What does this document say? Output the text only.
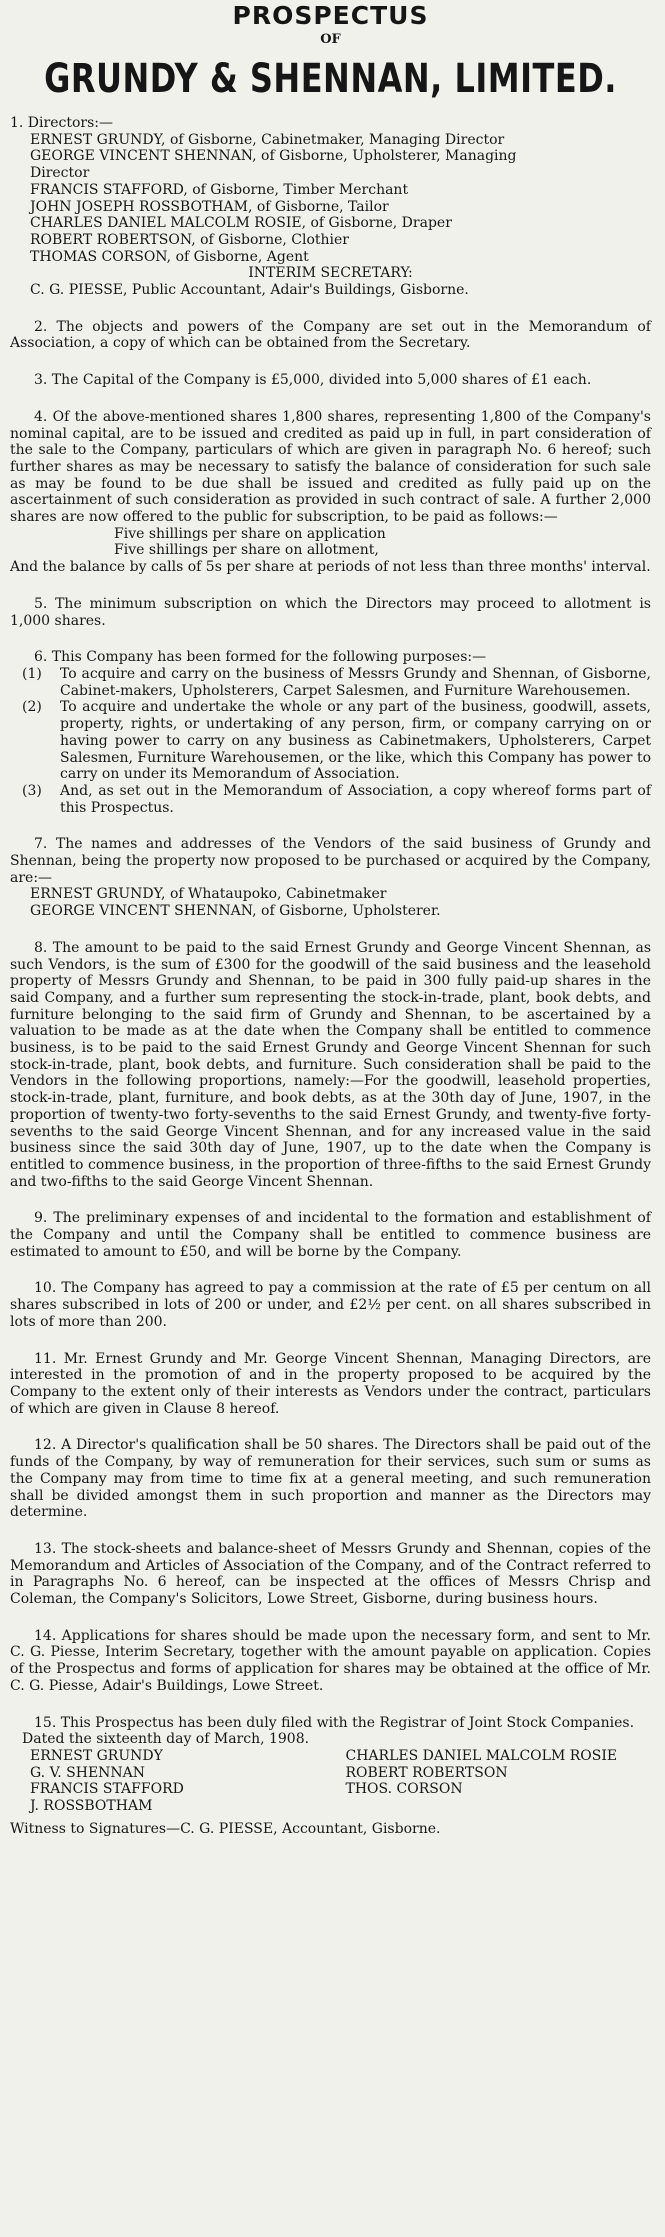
PROSPECTUS
OF
GRUNDY & SHENNAN, LIMITED.
1. Directors:—
ERNEST GRUNDY, of Gisborne, Cabinetmaker, Managing Director
GEORGE VINCENT SHENNAN, of Gisborne, Upholsterer, Managing
Director
FRANCIS STAFFORD, of Gisborne, Timber Merchant
JOHN JOSEPH ROSSBOTHAM, of Gisborne, Tailor
CHARLES DANIEL MALCOLM ROSIE, of Gisborne, Draper
ROBERT ROBERTSON, of Gisborne, Clothier
THOMAS CORSON, of Gisborne, Agent
INTERIM SECRETARY:
C. G. PIESSE, Public Accountant, Adair's Buildings, Gisborne.

2. The objects and powers of the Company are set out in the Memorandum of Association, a copy of which can be obtained from the Secretary.

3. The Capital of the Company is £5,000, divided into 5,000 shares of £1 each.

4. Of the above-mentioned shares 1,800 shares, representing 1,800 of the Company's nominal capital, are to be issued and credited as paid up in full, in part consideration of the sale to the Company, particulars of which are given in paragraph No. 6 hereof; such further shares as may be necessary to satisfy the balance of consideration for such sale as may be found to be due shall be issued and credited as fully paid up on the ascertainment of such consideration as provided in such contract of sale. A further 2,000 shares are now offered to the public for subscription, to be paid as follows:—

Five shillings per share on application
Five shillings per share on allotment,

And the balance by calls of 5s per share at periods of not less than three months' interval.

5. The minimum subscription on which the Directors may proceed to allotment is 1,000 shares.

6. This Company has been formed for the following purposes:—

(1)	To acquire and carry on the business of Messrs Grundy and Shennan, of Gisborne, Cabinet-makers, Upholsterers, Carpet Salesmen, and Furniture Warehousemen.
(2)	To acquire and undertake the whole or any part of the business, goodwill, assets, property, rights, or undertaking of any person, firm, or company carrying on or having power to carry on any business as Cabinetmakers, Upholsterers, Carpet Salesmen, Furniture Warehousemen, or the like, which this Company has power to carry on under its Memorandum of Association.
(3)	And, as set out in the Memorandum of Association, a copy whereof forms part of this Prospectus.

7. The names and addresses of the Vendors of the said business of Grundy and Shennan, being the property now proposed to be purchased or acquired by the Company, are:—

ERNEST GRUNDY, of Whataupoko, Cabinetmaker
GEORGE VINCENT SHENNAN, of Gisborne, Upholsterer.

8. The amount to be paid to the said Ernest Grundy and George Vincent Shennan, as such Vendors, is the sum of £300 for the goodwill of the said business and the leasehold property of Messrs Grundy and Shennan, to be paid in 300 fully paid-up shares in the said Company, and a further sum representing the stock-in-trade, plant, book debts, and furniture belonging to the said firm of Grundy and Shennan, to be ascertained by a valuation to be made as at the date when the Company shall be entitled to commence business, is to be paid to the said Ernest Grundy and George Vincent Shennan for such stock-in-trade, plant, book debts, and furniture. Such consideration shall be paid to the Vendors in the following proportions, namely:—For the goodwill, leasehold properties, stock-in-trade, plant, furniture, and book debts, as at the 30th day of June, 1907, in the proportion of twenty-two forty-sevenths to the said Ernest Grundy, and twenty-five forty-sevenths to the said George Vincent Shennan, and for any increased value in the said business since the said 30th day of June, 1907, up to the date when the Company is entitled to commence business, in the proportion of three-fifths to the said Ernest Grundy and two-fifths to the said George Vincent Shennan.

9. The preliminary expenses of and incidental to the formation and establishment of the Company and until the Company shall be entitled to commence business are estimated to amount to £50, and will be borne by the Company.

10. The Company has agreed to pay a commission at the rate of £5 per centum on all shares subscribed in lots of 200 or under, and £2½ per cent. on all shares subscribed in lots of more than 200.

11. Mr. Ernest Grundy and Mr. George Vincent Shennan, Managing Directors, are interested in the promotion of and in the property proposed to be acquired by the Company to the extent only of their interests as Vendors under the contract, particulars of which are given in Clause 8 hereof.

12. A Director's qualification shall be 50 shares. The Directors shall be paid out of the funds of the Company, by way of remuneration for their services, such sum or sums as the Company may from time to time fix at a general meeting, and such remuneration shall be divided amongst them in such proportion and manner as the Directors may determine.

13. The stock-sheets and balance-sheet of Messrs Grundy and Shennan, copies of the Memorandum and Articles of Association of the Company, and of the Contract referred to in Paragraphs No. 6 hereof, can be inspected at the offices of Messrs Chrisp and Coleman, the Company's Solicitors, Lowe Street, Gisborne, during business hours.

14. Applications for shares should be made upon the necessary form, and sent to Mr. C. G. Piesse, Interim Secretary, together with the amount payable on application. Copies of the Prospectus and forms of application for shares may be obtained at the office of Mr. C. G. Piesse, Adair's Buildings, Lowe Street.

15. This Prospectus has been duly filed with the Registrar of Joint Stock Companies.

Dated the sixteenth day of March, 1908.

ERNEST GRUNDY
G. V. SHENNAN
FRANCIS STAFFORD
J. ROSSBOTHAM
CHARLES DANIEL MALCOLM ROSIE
ROBERT ROBERTSON
THOS. CORSON

Witness to Signatures—C. G. PIESSE, Accountant, Gisborne.
